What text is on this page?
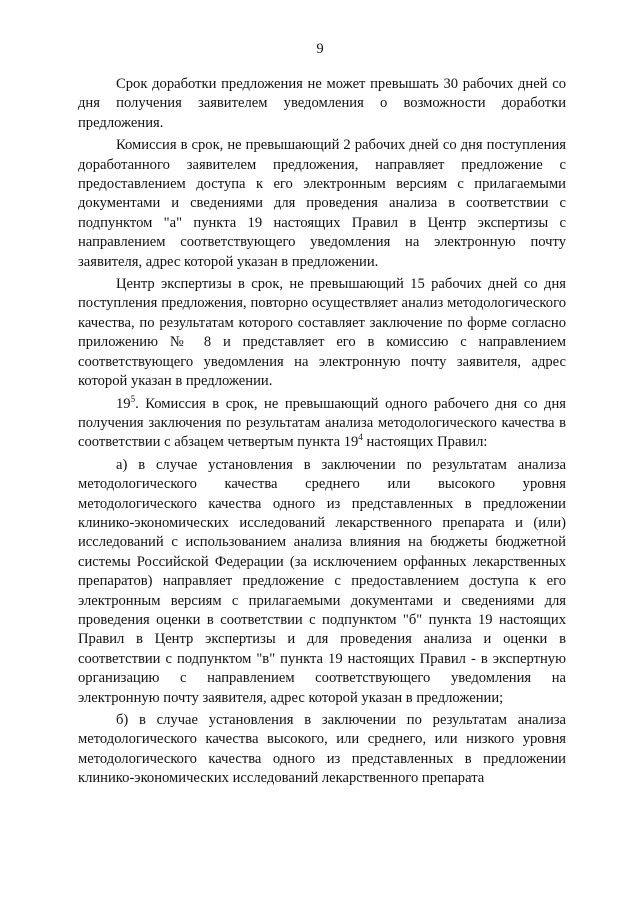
9

Срок доработки предложения не может превышать 30 рабочих дней со дня получения заявителем уведомления о возможности доработки предложения.

Комиссия в срок, не превышающий 2 рабочих дней со дня поступления доработанного заявителем предложения, направляет предложение с предоставлением доступа к его электронным версиям с прилагаемыми документами и сведениями для проведения анализа в соответствии с подпунктом "а" пункта 19 настоящих Правил в Центр экспертизы с направлением соответствующего уведомления на электронную почту заявителя, адрес которой указан в предложении.

Центр экспертизы в срок, не превышающий 15 рабочих дней со дня поступления предложения, повторно осуществляет анализ методологического качества, по результатам которого составляет заключение по форме согласно приложению № 8 и представляет его в комиссию с направлением соответствующего уведомления на электронную почту заявителя, адрес которой указан в предложении.

$19^5$. Комиссия в срок, не превышающий одного рабочего дня со дня получения заключения по результатам анализа методологического качества в соответствии с абзацем четвертым пункта $19^4$ настоящих Правил:

а) в случае установления в заключении по результатам анализа методологического качества среднего или высокого уровня методологического качества одного из представленных в предложении клинико-экономических исследований лекарственного препарата и (или) исследований с использованием анализа влияния на бюджеты бюджетной системы Российской Федерации (за исключением орфанных лекарственных препаратов) направляет предложение с предоставлением доступа к его электронным версиям с прилагаемыми документами и сведениями для проведения оценки в соответствии с подпунктом "б" пункта 19 настоящих Правил в Центр экспертизы и для проведения анализа и оценки в соответствии с подпунктом "в" пункта 19 настоящих Правил - в экспертную организацию с направлением соответствующего уведомления на электронную почту заявителя, адрес которой указан в предложении;

б) в случае установления в заключении по результатам анализа методологического качества высокого, или среднего, или низкого уровня методологического качества одного из представленных в предложении клинико-экономических исследований лекарственного препарата
